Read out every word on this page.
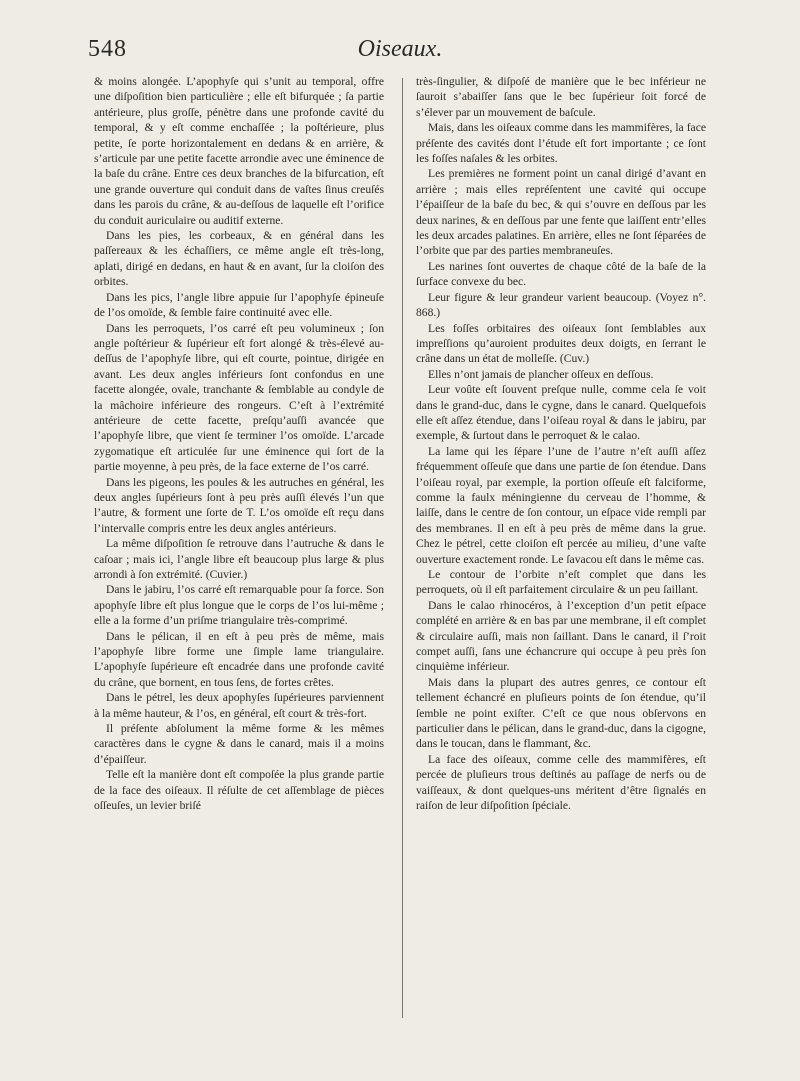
548	Oiseaux.

& moins alongée. L’apophyſe qui s’unit au temporal, offre une diſpoſition bien particulière ; elle eſt bifurquée ; ſa partie antérieure, plus groſſe, pénètre dans une profonde cavité du temporal, & y eſt comme enchaſſée ; la poſtérieure, plus petite, ſe porte horizontalement en dedans & en arrière, & s’articule par une petite facette arrondie avec une éminence de la baſe du crâne. Entre ces deux branches de la bifurcation, eſt une grande ouverture qui conduit dans de vaſtes ſinus creuſés dans les parois du crâne, & au-deſſous de laquelle eſt l’orifice du conduit auriculaire ou auditif externe.

Dans les pies, les corbeaux, & en général dans les paſſereaux & les échaſſiers, ce même angle eſt très-long, aplati, dirigé en dedans, en haut & en avant, ſur la cloiſon des orbites.

Dans les pics, l’angle libre appuie ſur l’apophyſe épineuſe de l’os omoïde, & ſemble faire continuité avec elle.

Dans les perroquets, l’os carré eſt peu volumineux ; ſon angle poſtérieur & ſupérieur eſt fort alongé & très-élevé au-deſſus de l’apophyſe libre, qui eſt courte, pointue, dirigée en avant. Les deux angles inférieurs ſont confondus en une facette alongée, ovale, tranchante & ſemblable au condyle de la mâchoire inférieure des rongeurs. C’eſt à l’extrémité antérieure de cette facette, preſqu’auſſi avancée que l’apophyſe libre, que vient ſe terminer l’os omoïde. L’arcade zygomatique eſt articulée ſur une éminence qui ſort de la partie moyenne, à peu près, de la face externe de l’os carré.

Dans les pigeons, les poules & les autruches en général, les deux angles ſupérieurs ſont à peu près auſſi élevés l’un que l’autre, & forment une ſorte de T. L’os omoïde eſt reçu dans l’intervalle compris entre les deux angles antérieurs.

La même diſpoſition ſe retrouve dans l’autruche & dans le caſoar ; mais ici, l’angle libre eſt beaucoup plus large & plus arrondi à ſon extrémité. (Cuvier.)

Dans le jabiru, l’os carré eſt remarquable pour ſa force. Son apophyſe libre eſt plus longue que le corps de l’os lui-même ; elle a la forme d’un priſme triangulaire très-comprimé.

Dans le pélican, il en eſt à peu près de même, mais l’apophyſe libre forme une ſimple lame triangulaire. L’apophyſe ſupérieure eſt encadrée dans une profonde cavité du crâne, que bornent, en tous ſens, de fortes crêtes.

Dans le pétrel, les deux apophyſes ſupérieures parviennent à la même hauteur, & l’os, en général, eſt court & très-fort.

Il préſente abſolument la même forme & les mêmes caractères dans le cygne & dans le canard, mais il a moins d’épaiſſeur.

Telle eſt la manière dont eſt compoſée la plus grande partie de la face des oiſeaux. Il réſulte de cet aſſemblage de pièces oſſeuſes, un levier briſé

très-ſingulier, & diſpoſé de manière que le bec inférieur ne ſauroit s’abaiſſer ſans que le bec ſupérieur ſoit forcé de s’élever par un mouvement de baſcule.

Mais, dans les oiſeaux comme dans les mammifères, la face préſente des cavités dont l’étude eſt fort importante ; ce ſont les foſſes naſales & les orbites.

Les premières ne forment point un canal dirigé d’avant en arrière ; mais elles repréſentent une cavité qui occupe l’épaiſſeur de la baſe du bec, & qui s’ouvre en deſſous par les deux narines, & en deſſous par une fente que laiſſent entr’elles les deux arcades palatines. En arrière, elles ne ſont ſéparées de l’orbite que par des parties membraneuſes.

Les narines ſont ouvertes de chaque côté de la baſe de la ſurface convexe du bec.

Leur figure & leur grandeur varient beaucoup. (Voyez n°. 868.)

Les foſſes orbitaires des oiſeaux ſont ſemblables aux impreſſions qu’auroient produites deux doigts, en ſerrant le crâne dans un état de molleſſe. (Cuv.)

Elles n’ont jamais de plancher oſſeux en deſſous.

Leur voûte eſt ſouvent preſque nulle, comme cela ſe voit dans le grand-duc, dans le cygne, dans le canard. Quelquefois elle eſt aſſez étendue, dans l’oiſeau royal & dans le jabiru, par exemple, & ſurtout dans le perroquet & le calao.

La lame qui les ſépare l’une de l’autre n’eſt auſſi aſſez fréquemment oſſeuſe que dans une partie de ſon étendue. Dans l’oiſeau royal, par exemple, la portion oſſeuſe eſt falciforme, comme la faulx méningienne du cerveau de l’homme, & laiſſe, dans le centre de ſon contour, un eſpace vide rempli par des membranes. Il en eſt à peu près de même dans la grue. Chez le pétrel, cette cloiſon eſt percée au milieu, d’une vaſte ouverture exactement ronde. Le ſavacou eſt dans le même cas.

Le contour de l’orbite n’eſt complet que dans les perroquets, où il eſt parfaitement circulaire & un peu ſaillant.

Dans le calao rhinocéros, à l’exception d’un petit eſpace complété en arrière & en bas par une membrane, il eſt complet & circulaire auſſi, mais non ſaillant. Dans le canard, il ſ’roit compet auſſi, ſans une échancrure qui occupe à peu près ſon cinquième inférieur.

Mais dans la plupart des autres genres, ce contour eſt tellement échancré en pluſieurs points de ſon étendue, qu’il ſemble ne point exiſter. C’eſt ce que nous obſervons en particulier dans le pélican, dans le grand-duc, dans la cigogne, dans le toucan, dans le flammant, &c.

La face des oiſeaux, comme celle des mammifères, eſt percée de pluſieurs trous deſtinés au paſſage de nerfs ou de vaiſſeaux, & dont quelques-uns méritent d’être ſignalés en raiſon de leur diſpoſition ſpéciale.
